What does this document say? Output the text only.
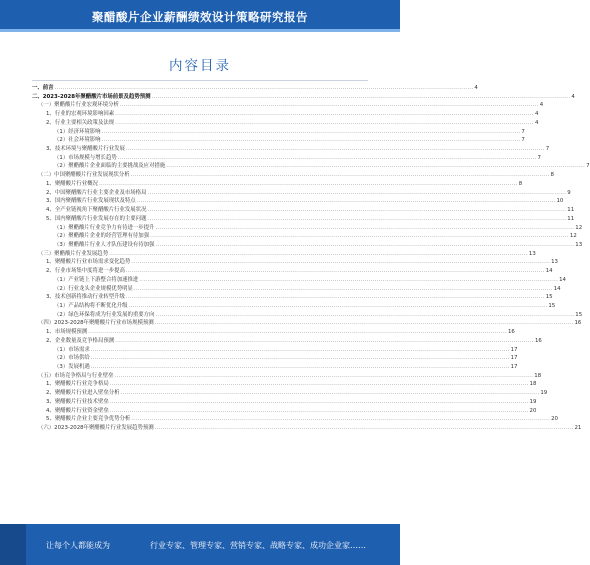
聚醋酸片企业薪酬绩效设计策略研究报告
内容目录
一、前言 .....	4
二、2023-2028年聚醋酸片市场前景及趋势预测 .....	4
（一）聚醋酸片行业宏观环境分析 .....	4
1、行业的宏观环境影响因素 .....	4
2、行业主要相关政策及法规 .....	4
（1）经济环境影响 .....	7
（2）社会环境影响 .....	7
3、技术环境与聚醋酸片行业发展 .....	7
（1）市场规模与增长趋势 .....	7
（2）聚醋酸片企业面临的主要挑战及应对措施 .....	7
（二）中国聚醋酸片行业发展现状分析 .....	8
1、聚醋酸片行业概况 .....	8
2、中国聚醋酸片行业主要企业及市场格局 .....	9
3、国内聚醋酸片行业发展现状及特点 .....	10
4、全产业链视角下聚醋酸片行业发展状况 .....	11
5、国内聚醋酸片行业发展存在的主要问题 .....	11
（1）聚醋酸片行业竞争力有待进一步提升 .....	12
（2）聚醋酸片企业的经营管理有待加强 .....	12
（3）聚醋酸片行业人才队伍建设有待加强 .....	13
（三）聚醋酸片行业发展趋势 .....	13
1、聚醋酸片行业市场需求变化趋势 .....	13
2、行业市场集中度将进一步提高 .....	14
（1）产业链上下游整合将加速推进 .....	14
（2）行业龙头企业规模优势明显 .....	14
3、技术创新将推动行业转型升级 .....	15
（1）产品结构将不断优化升级 .....	15
（2）绿色环保将成为行业发展的重要方向 .....	15
（四）2023-2028年聚醋酸片行业市场规模预测 .....	16
1、市场规模预测 .....	16
2、企业数量及竞争格局预测 .....	16
（1）市场需求 .....	17
（2）市场供给 .....	17
（3）发展机遇 .....	17
（五）市场竞争格局与行业壁垒 .....	18
1、聚醋酸片行业竞争格局 .....	18
2、聚醋酸片行业进入壁垒分析 .....	19
3、聚醋酸片行业技术壁垒 .....	19
4、聚醋酸片行业资金壁垒 .....	20
5、聚醋酸片企业主要竞争优势分析 .....	20
（六）2023-2028年聚醋酸片行业发展趋势预测 .....	21
让每个人都能成为	行业专家、管理专家、营销专家、战略专家、成功企业家……
